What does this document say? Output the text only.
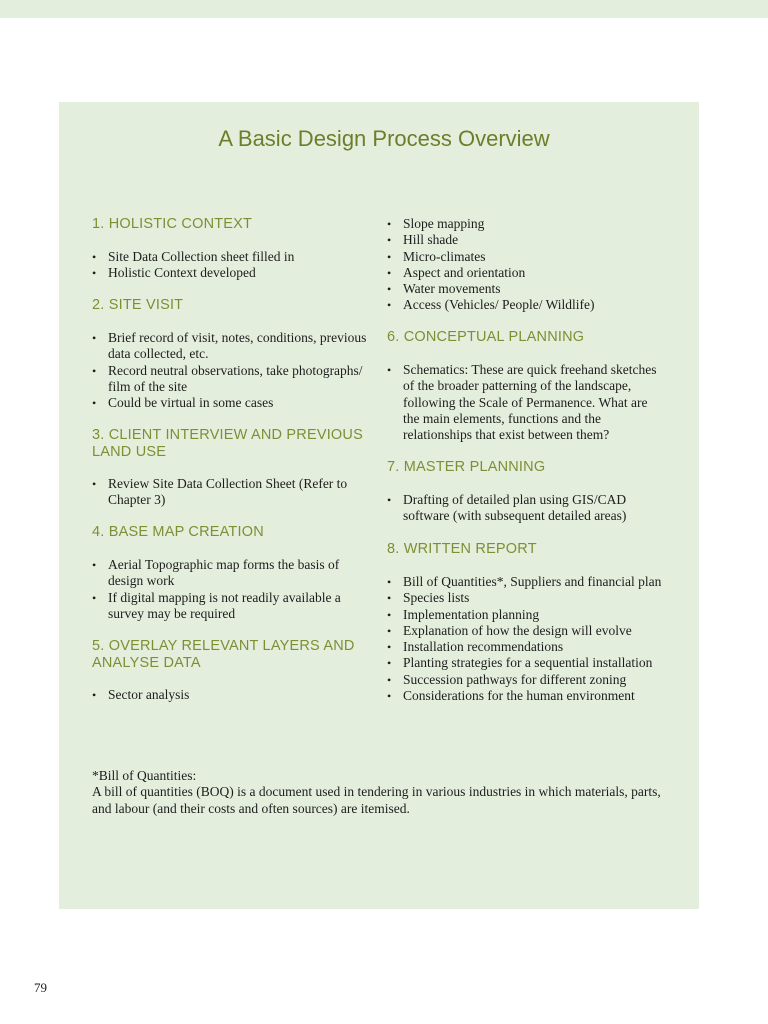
A Basic Design Process Overview
1. HOLISTIC CONTEXT
• Site Data Collection sheet filled in
• Holistic Context developed
2. SITE VISIT
• Brief record of visit, notes, conditions, previous data collected, etc.
• Record neutral observations, take photographs/ film of the site
• Could be virtual in some cases
3. CLIENT INTERVIEW AND PREVIOUS LAND USE
• Review Site Data Collection Sheet (Refer to Chapter 3)
4. BASE MAP CREATION
• Aerial Topographic map forms the basis of design work
• If digital mapping is not readily available a survey may be required
5. OVERLAY RELEVANT LAYERS AND ANALYSE DATA
• Sector analysis
• Slope mapping
• Hill shade
• Micro-climates
• Aspect and orientation
• Water movements
• Access (Vehicles/ People/ Wildlife)
6. CONCEPTUAL PLANNING
• Schematics: These are quick freehand sketches of the broader patterning of the landscape, following the Scale of Permanence. What are the main elements, functions and the relationships that exist between them?
7. MASTER PLANNING
• Drafting of detailed plan using GIS/CAD software (with subsequent detailed areas)
8. WRITTEN REPORT
• Bill of Quantities*, Suppliers and financial plan
• Species lists
• Implementation planning
• Explanation of how the design will evolve
• Installation recommendations
• Planting strategies for a sequential installation
• Succession pathways for different zoning
• Considerations for the human environment

*Bill of Quantities:

A bill of quantities (BOQ) is a document used in tendering in various industries in which materials, parts, and labour (and their costs and often sources) are itemised.

79
